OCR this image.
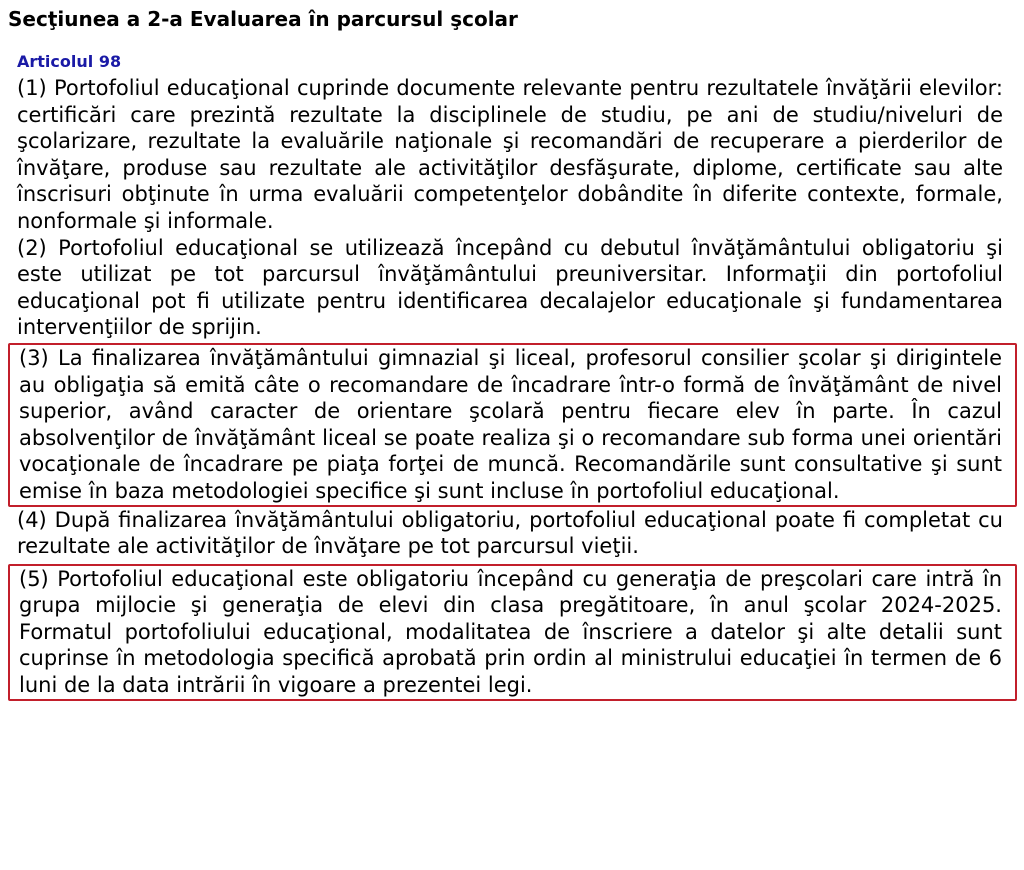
Secţiunea a 2-a Evaluarea în parcursul şcolar
Articolul 98

(1) Portofoliul educaţional cuprinde documente relevante pentru rezultatele învăţării elevilor: certificări care prezintă rezultate la disciplinele de studiu, pe ani de studiu/niveluri de şcolarizare, rezultate la evaluările naţionale şi recomandări de recuperare a pierderilor de învăţare, produse sau rezultate ale activităţilor desfăşurate, diplome, certificate sau alte înscrisuri obţinute în urma evaluării competenţelor dobândite în diferite contexte, formale, nonformale şi informale.

(2) Portofoliul educaţional se utilizează începând cu debutul învăţământului obligatoriu şi este utilizat pe tot parcursul învăţământului preuniversitar. Informaţii din portofoliul educaţional pot fi utilizate pentru identificarea decalajelor educaţionale şi fundamentarea intervenţiilor de sprijin.

(3) La finalizarea învăţământului gimnazial şi liceal, profesorul consilier şcolar şi dirigintele au obligaţia să emită câte o recomandare de încadrare într-o formă de învăţământ de nivel superior, având caracter de orientare şcolară pentru fiecare elev în parte. În cazul absolvenţilor de învăţământ liceal se poate realiza şi o recomandare sub forma unei orientări vocaţionale de încadrare pe piaţa forţei de muncă. Recomandările sunt consultative şi sunt emise în baza metodologiei specifice şi sunt incluse în portofoliul educaţional.

(4) După finalizarea învăţământului obligatoriu, portofoliul educaţional poate fi completat cu rezultate ale activităţilor de învăţare pe tot parcursul vieţii.

(5) Portofoliul educaţional este obligatoriu începând cu generaţia de preşcolari care intră în grupa mijlocie şi generaţia de elevi din clasa pregătitoare, în anul şcolar 2024-2025. Formatul portofoliului educaţional, modalitatea de înscriere a datelor şi alte detalii sunt cuprinse în metodologia specifică aprobată prin ordin al ministrului educaţiei în termen de 6 luni de la data intrării în vigoare a prezentei legi.
